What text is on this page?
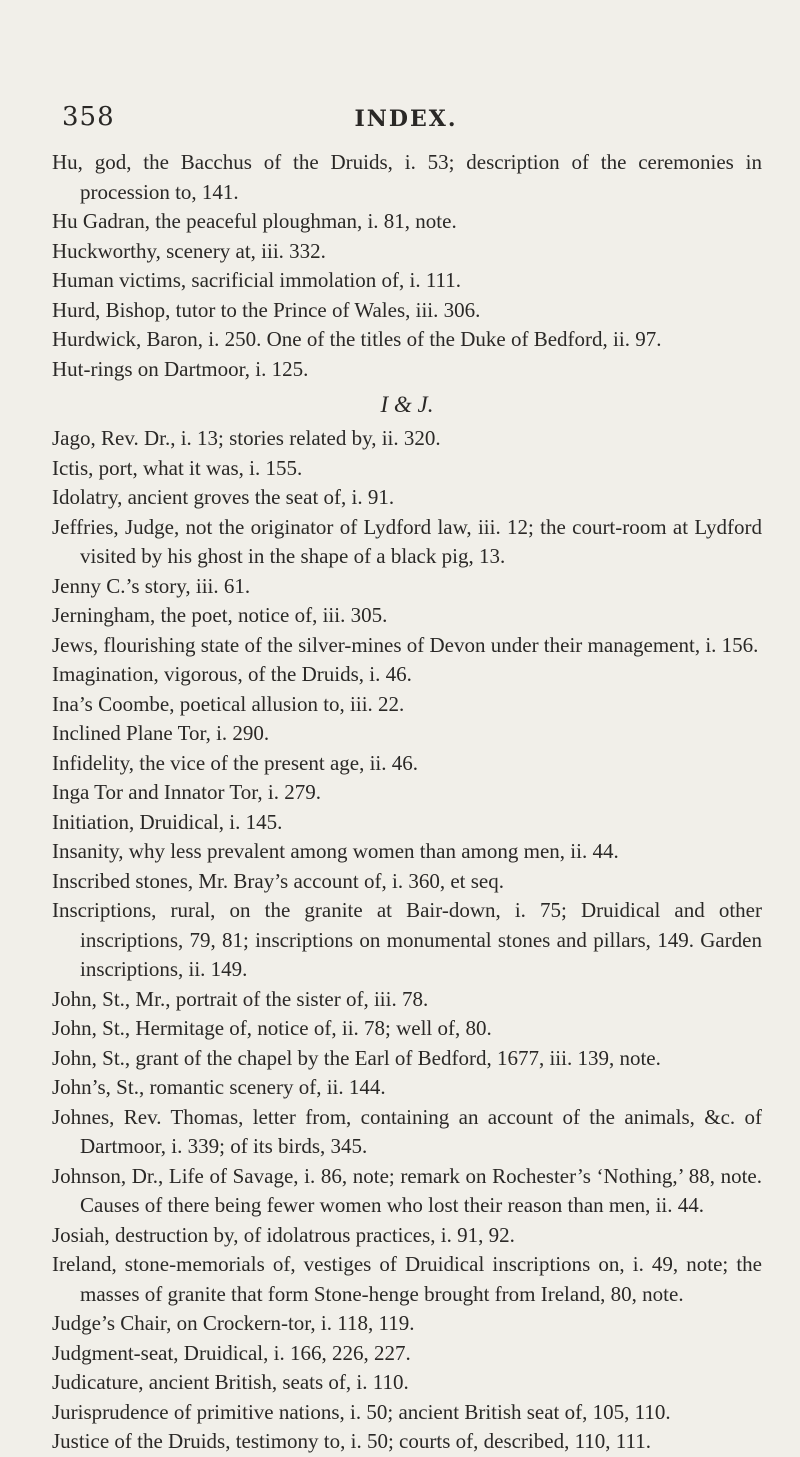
358	INDEX.

Hu, god, the Bacchus of the Druids, i. 53; description of the ceremonies in procession to, 141.

Hu Gadran, the peaceful ploughman, i. 81, note.

Huckworthy, scenery at, iii. 332.

Human victims, sacrificial immolation of, i. 111.

Hurd, Bishop, tutor to the Prince of Wales, iii. 306.

Hurdwick, Baron, i. 250. One of the titles of the Duke of Bedford, ii. 97.

Hut-rings on Dartmoor, i. 125.

I & J.

Jago, Rev. Dr., i. 13; stories related by, ii. 320.

Ictis, port, what it was, i. 155.

Idolatry, ancient groves the seat of, i. 91.

Jeffries, Judge, not the originator of Lydford law, iii. 12; the court-room at Lydford visited by his ghost in the shape of a black pig, 13.

Jenny C.’s story, iii. 61.

Jerningham, the poet, notice of, iii. 305.

Jews, flourishing state of the silver-mines of Devon under their management, i. 156.

Imagination, vigorous, of the Druids, i. 46.

Ina’s Coombe, poetical allusion to, iii. 22.

Inclined Plane Tor, i. 290.

Infidelity, the vice of the present age, ii. 46.

Inga Tor and Innator Tor, i. 279.

Initiation, Druidical, i. 145.

Insanity, why less prevalent among women than among men, ii. 44.

Inscribed stones, Mr. Bray’s account of, i. 360, et seq.

Inscriptions, rural, on the granite at Bair-down, i. 75; Druidical and other inscriptions, 79, 81; inscriptions on monumental stones and pillars, 149. Garden inscriptions, ii. 149.

John, St., Mr., portrait of the sister of, iii. 78.

John, St., Hermitage of, notice of, ii. 78; well of, 80.

John, St., grant of the chapel by the Earl of Bedford, 1677, iii. 139, note.

John’s, St., romantic scenery of, ii. 144.

Johnes, Rev. Thomas, letter from, containing an account of the animals, &c. of Dartmoor, i. 339; of its birds, 345.

Johnson, Dr., Life of Savage, i. 86, note; remark on Rochester’s ‘Nothing,’ 88, note. Causes of there being fewer women who lost their reason than men, ii. 44.

Josiah, destruction by, of idolatrous practices, i. 91, 92.

Ireland, stone-memorials of, vestiges of Druidical inscriptions on, i. 49, note; the masses of granite that form Stone-henge brought from Ireland, 80, note.

Judge’s Chair, on Crockern-tor, i. 118, 119.

Judgment-seat, Druidical, i. 166, 226, 227.

Judicature, ancient British, seats of, i. 110.

Jurisprudence of primitive nations, i. 50; ancient British seat of, 105, 110.

Justice of the Druids, testimony to, i. 50; courts of, described, 110, 111.
